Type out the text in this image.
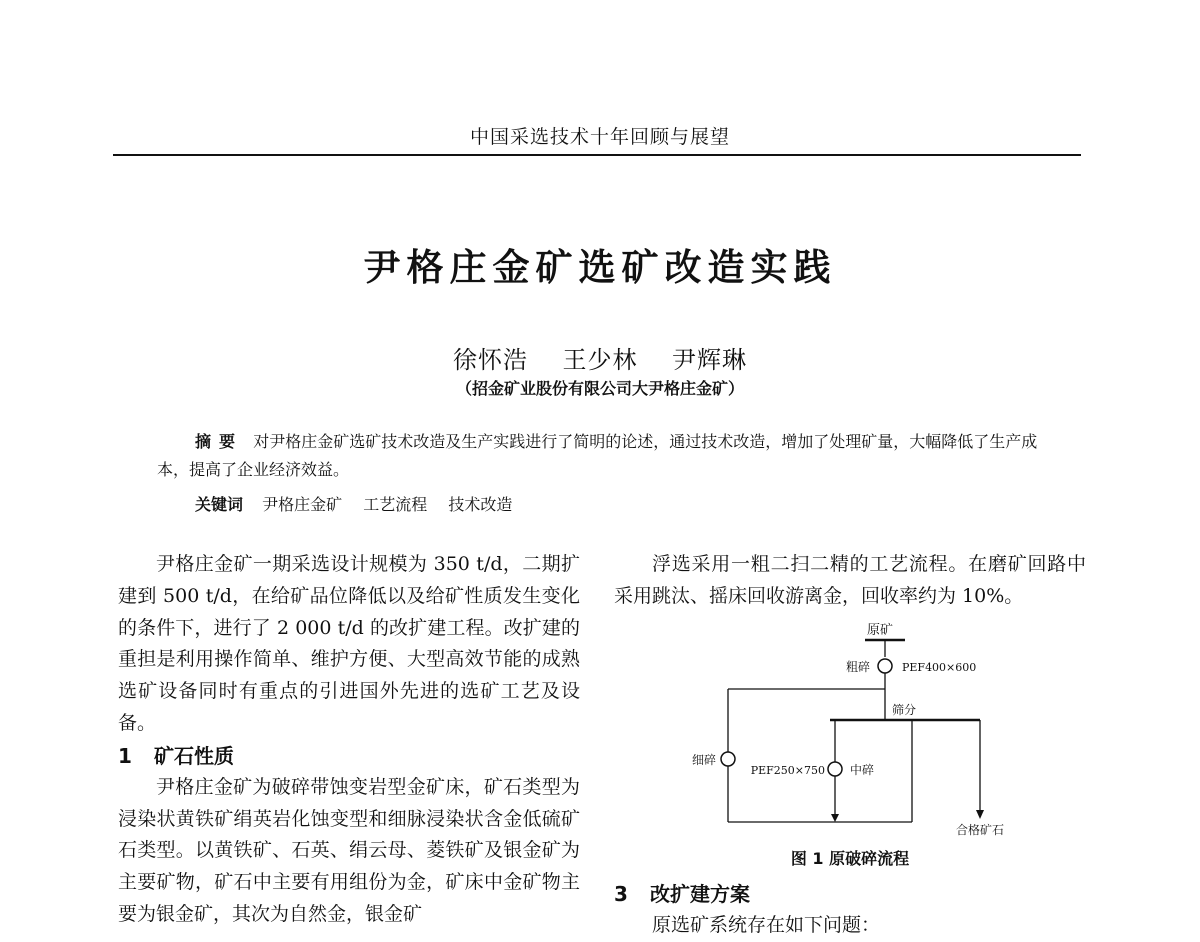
中国采选技术十年回顾与展望
尹格庄金矿选矿改造实践
徐怀浩 王少林 尹辉琳
（招金矿业股份有限公司大尹格庄金矿）
摘要 对尹格庄金矿选矿技术改造及生产实践进行了简明的论述，通过技术改造，增加了处理矿量，大幅降低了生产成本，提高了企业经济效益。
关键词 尹格庄金矿 工艺流程 技术改造

尹格庄金矿一期采选设计规模为 350 t/d，二期扩建到 500 t/d，在给矿品位降低以及给矿性质发生变化的条件下，进行了 2 000 t/d 的改扩建工程。改扩建的重担是利用操作简单、维护方便、大型高效节能的成熟选矿设备同时有重点的引进国外先进的选矿工艺及设备。

1 矿石性质

尹格庄金矿为破碎带蚀变岩型金矿床，矿石类型为浸染状黄铁矿绢英岩化蚀变型和细脉浸染状含金低硫矿石类型。以黄铁矿、石英、绢云母、菱铁矿及银金矿为主要矿物，矿石中主要有用组份为金，矿床中金矿物主要为银金矿，其次为自然金，银金矿

浮选采用一粗二扫二精的工艺流程。在磨矿回路中采用跳汰、摇床回收游离金，回收率约为 10%。

原矿
粗碎	PEF400×600
筛分
合格矿石
PEF250×750 中碎
细碎
图 1 原破碎流程
3 改扩建方案

原选矿系统存在如下问题：
